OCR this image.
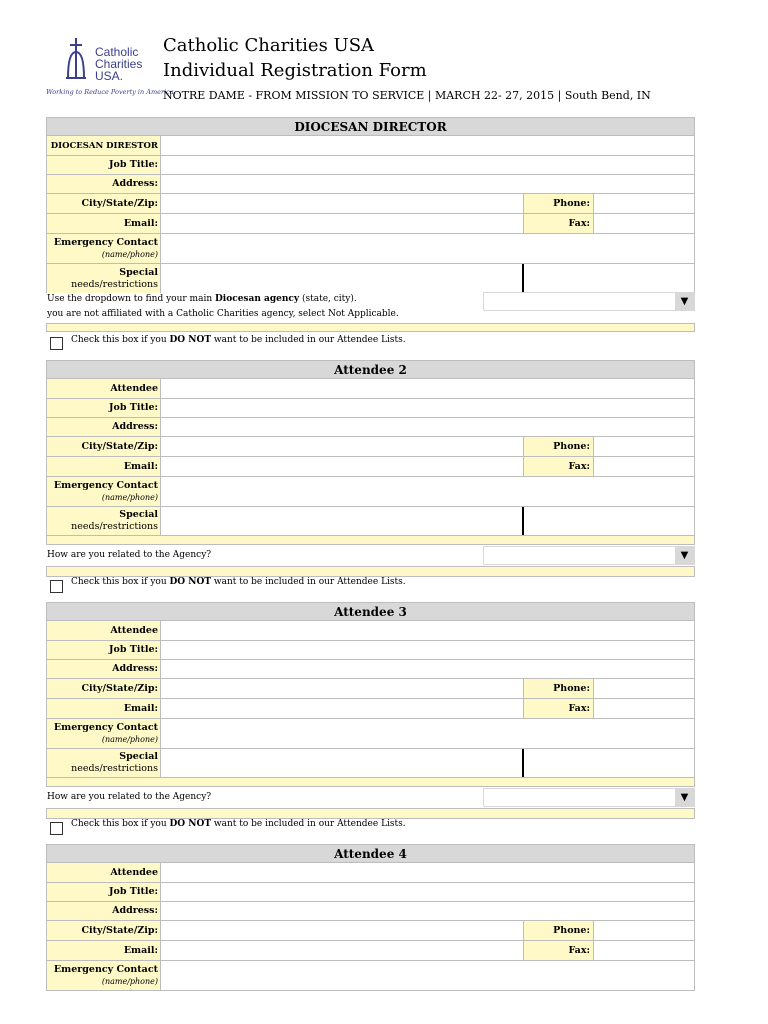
Catholic
Charities
USA.
Working to Reduce Poverty in America.
Catholic Charities USA
Individual Registration Form
NOTRE DAME - FROM MISSION TO SERVICE | MARCH 22- 27, 2015 | South Bend, IN
DIOCESAN DIRECTOR
DIOCESAN DIRESTOR
Job Title:
Address:
City/State/Zip:	Phone:
Email:	Fax:
Emergency Contact
(name/phone)
Special
needs/restrictions
Use the dropdown to find your main Diocesan agency (state, city).
you are not affiliated with a Catholic Charities agency, select Not Applicable.
▼
Check this box if you DO NOT want to be included in our Attendee Lists.
Attendee 2
Attendee
Job Title:
Address:
City/State/Zip:	Phone:
Email:	Fax:
Emergency Contact
(name/phone)
Special
needs/restrictions
How are you related to the Agency?	▼
Check this box if you DO NOT want to be included in our Attendee Lists.
Attendee 3
Attendee
Job Title:
Address:
City/State/Zip:	Phone:
Email:	Fax:
Emergency Contact
(name/phone)
Special
needs/restrictions
How are you related to the Agency?	▼
Check this box if you DO NOT want to be included in our Attendee Lists.
Attendee 4
Attendee
Job Title:
Address:
City/State/Zip:	Phone:
Email:	Fax:
Emergency Contact
(name/phone)
